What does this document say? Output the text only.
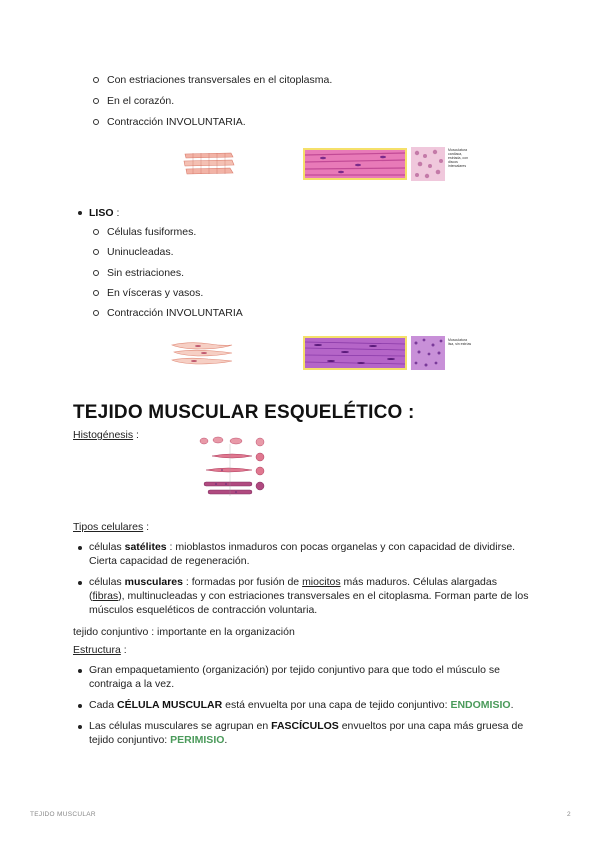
Con estriaciones transversales en el citoplasma.
En el corazón.
Contracción INVOLUNTARIA.
Musculatura cardiaca, estriada, con discos intercalares
LISO :
Células fusiformes.
Uninucleadas.
Sin estriaciones.
En vísceras y vasos.
Contracción INVOLUNTARIA
Musculatura lisa, sin estrías
TEJIDO MUSCULAR ESQUELÉTICO :
Histogénesis :
Tipos celulares :
células satélites : mioblastos inmaduros con pocas organelas y con capacidad de dividirse. Cierta capacidad de regeneración.
células musculares : formadas por fusión de miocitos más maduros. Células alargadas (fibras), multinucleadas y con estriaciones transversales en el citoplasma. Forman parte de los músculos esqueléticos de contracción voluntaria.
tejido conjuntivo : importante en la organización
Estructura :
Gran empaquetamiento (organización) por tejido conjuntivo para que todo el músculo se contraiga a la vez.
Cada CÉLULA MUSCULAR está envuelta por una capa de tejido conjuntivo: ENDOMISIO.
Las células musculares se agrupan en FASCÍCULOS envueltos por una capa más gruesa de tejido conjuntivo: PERIMISIO.
TEJIDO MUSCULAR	2
